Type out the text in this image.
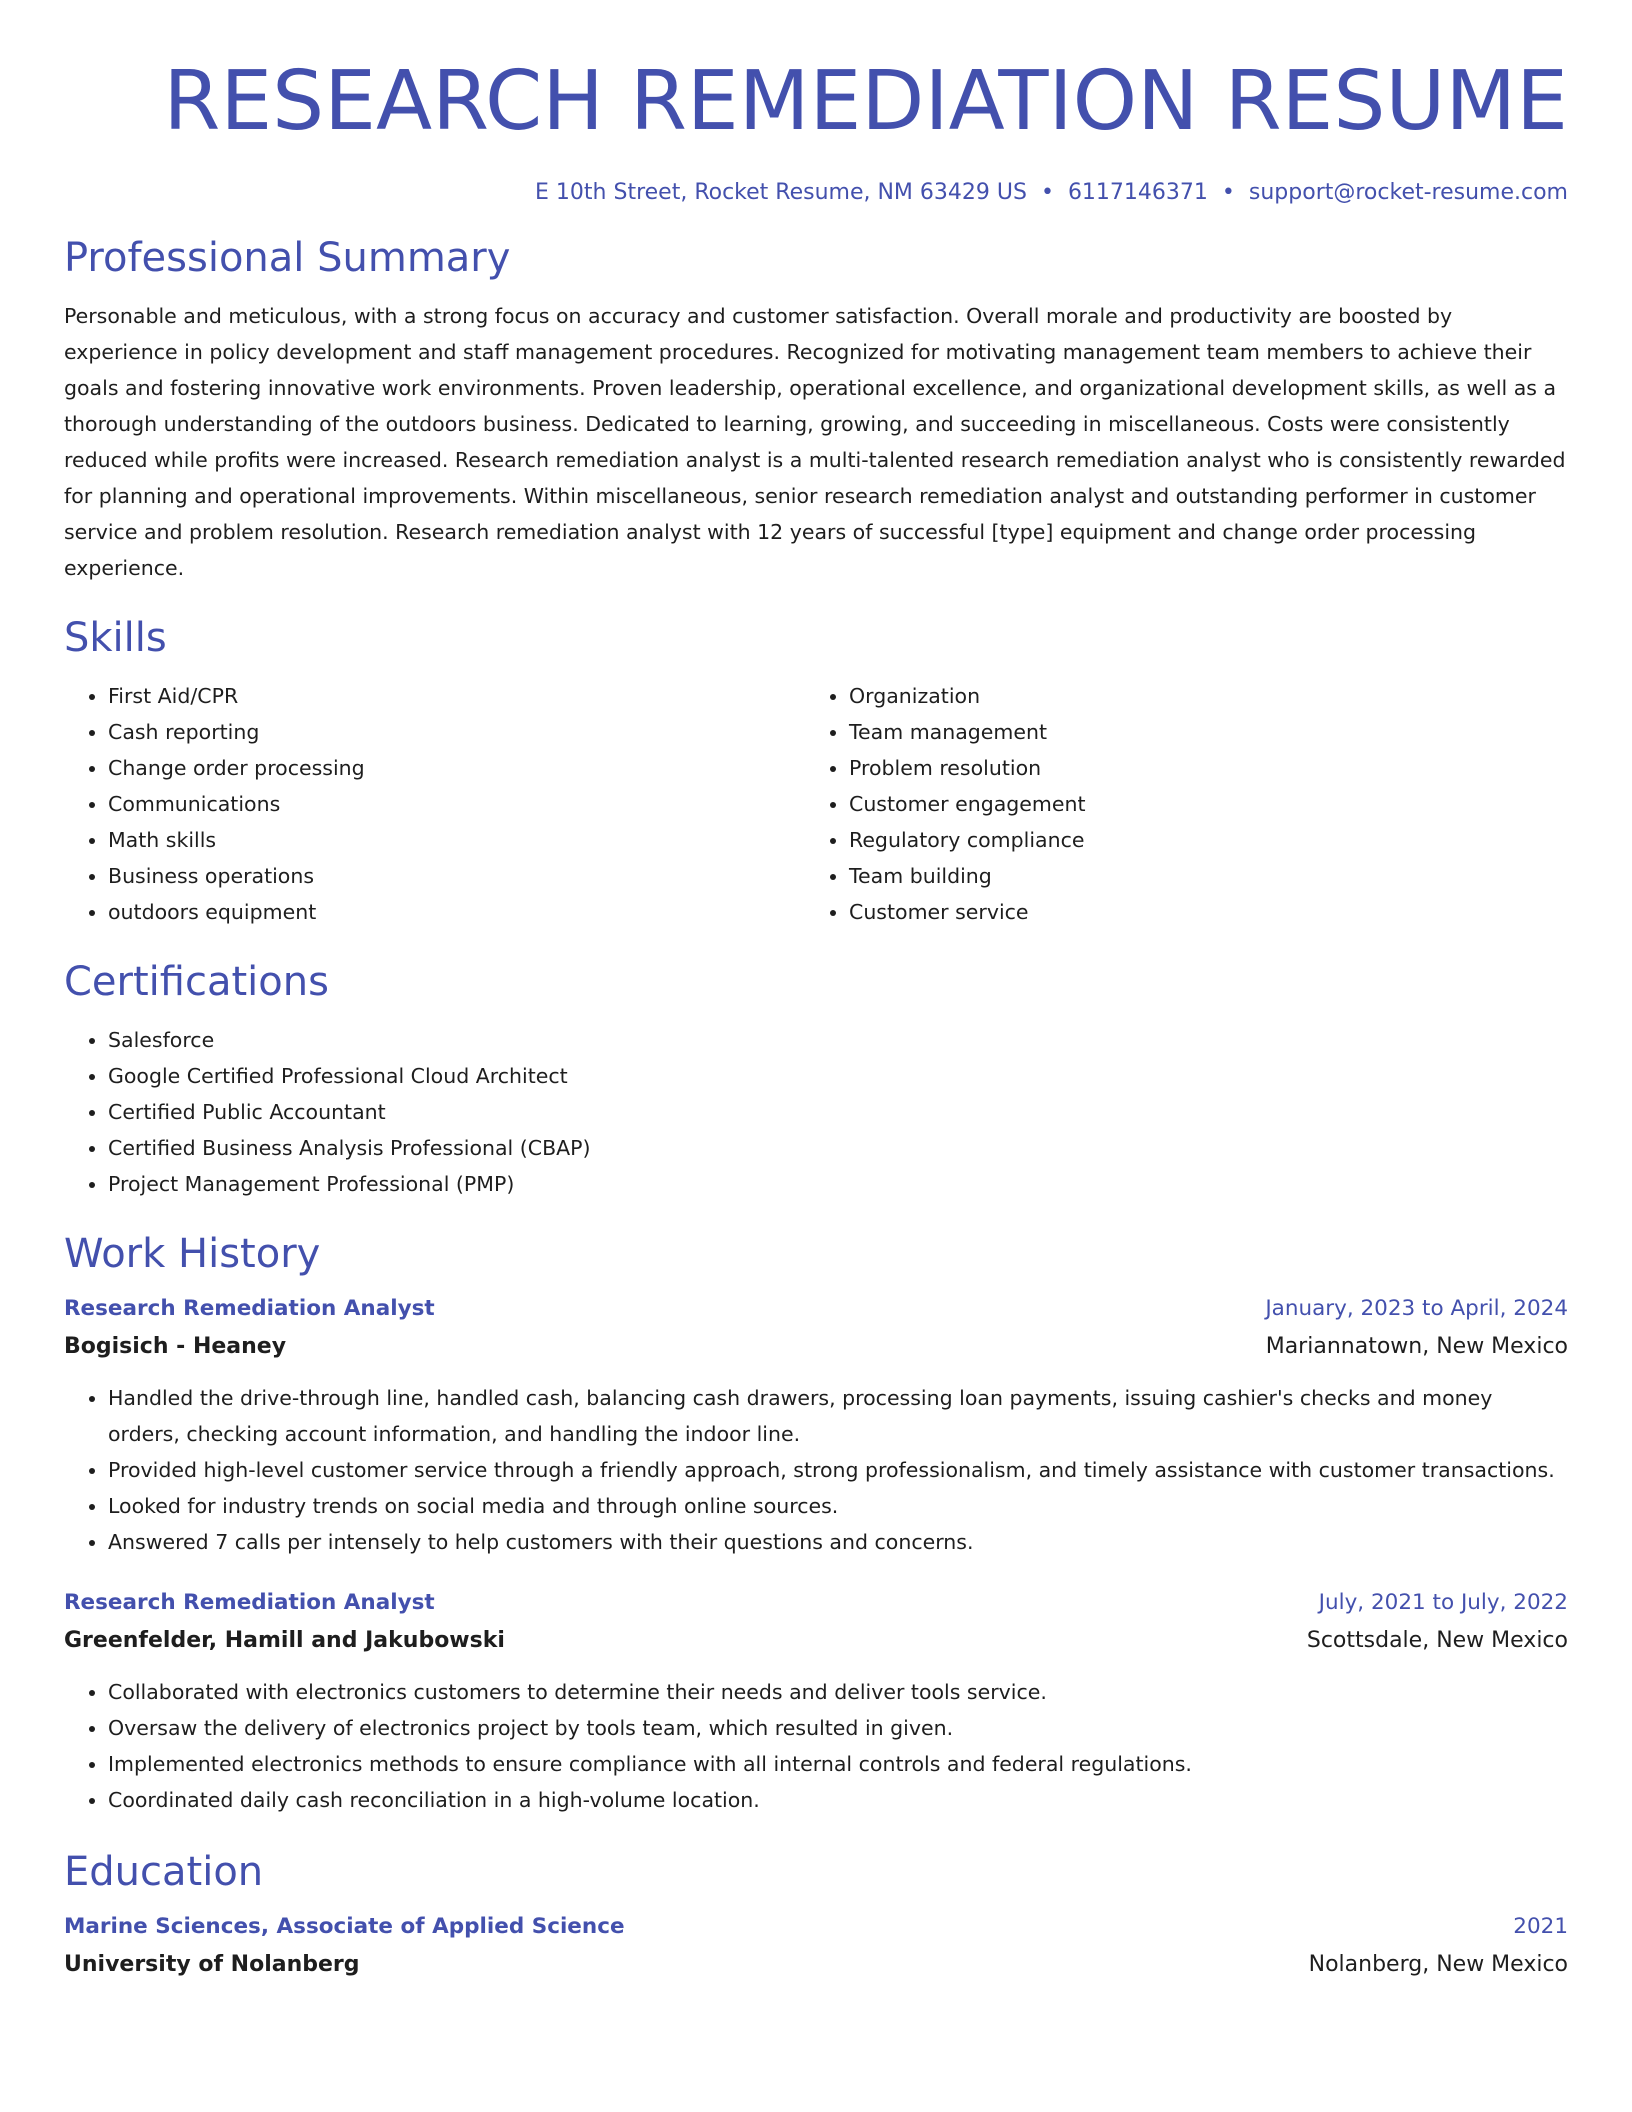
RESEARCH REMEDIATION RESUME
E 10th Street, Rocket Resume, NM 63429 US • 6117146371 • support@rocket-resume.com
Professional Summary

Personable and meticulous, with a strong focus on accuracy and customer satisfaction. Overall morale and productivity are boosted by experience in policy development and staff management procedures. Recognized for motivating management team members to achieve their goals and fostering innovative work environments. Proven leadership, operational excellence, and organizational development skills, as well as a thorough understanding of the outdoors business. Dedicated to learning, growing, and succeeding in miscellaneous. Costs were consistently reduced while profits were increased. Research remediation analyst is a multi-talented research remediation analyst who is consistently rewarded for planning and operational improvements. Within miscellaneous, senior research remediation analyst and outstanding performer in customer service and problem resolution. Research remediation analyst with 12 years of successful [type] equipment and change order processing experience.

Skills
• First Aid/CPR
• Cash reporting
• Change order processing
• Communications
• Math skills
• Business operations
• outdoors equipment
• Organization
• Team management
• Problem resolution
• Customer engagement
• Regulatory compliance
• Team building
• Customer service
Certifications
• Salesforce
• Google Certified Professional Cloud Architect
• Certified Public Accountant
• Certified Business Analysis Professional (CBAP)
• Project Management Professional (PMP)
Work History
Research Remediation Analyst	January, 2023 to April, 2024
Bogisich - Heaney	Mariannatown, New Mexico
• Handled the drive-through line, handled cash, balancing cash drawers, processing loan payments, issuing cashier's checks and money orders, checking account information, and handling the indoor line.
• Provided high-level customer service through a friendly approach, strong professionalism, and timely assistance with customer transactions.
• Looked for industry trends on social media and through online sources.
• Answered 7 calls per intensely to help customers with their questions and concerns.
Research Remediation Analyst	July, 2021 to July, 2022
Greenfelder, Hamill and Jakubowski	Scottsdale, New Mexico
• Collaborated with electronics customers to determine their needs and deliver tools service.
• Oversaw the delivery of electronics project by tools team, which resulted in given.
• Implemented electronics methods to ensure compliance with all internal controls and federal regulations.
• Coordinated daily cash reconciliation in a high-volume location.
Education
Marine Sciences, Associate of Applied Science	2021
University of Nolanberg	Nolanberg, New Mexico
